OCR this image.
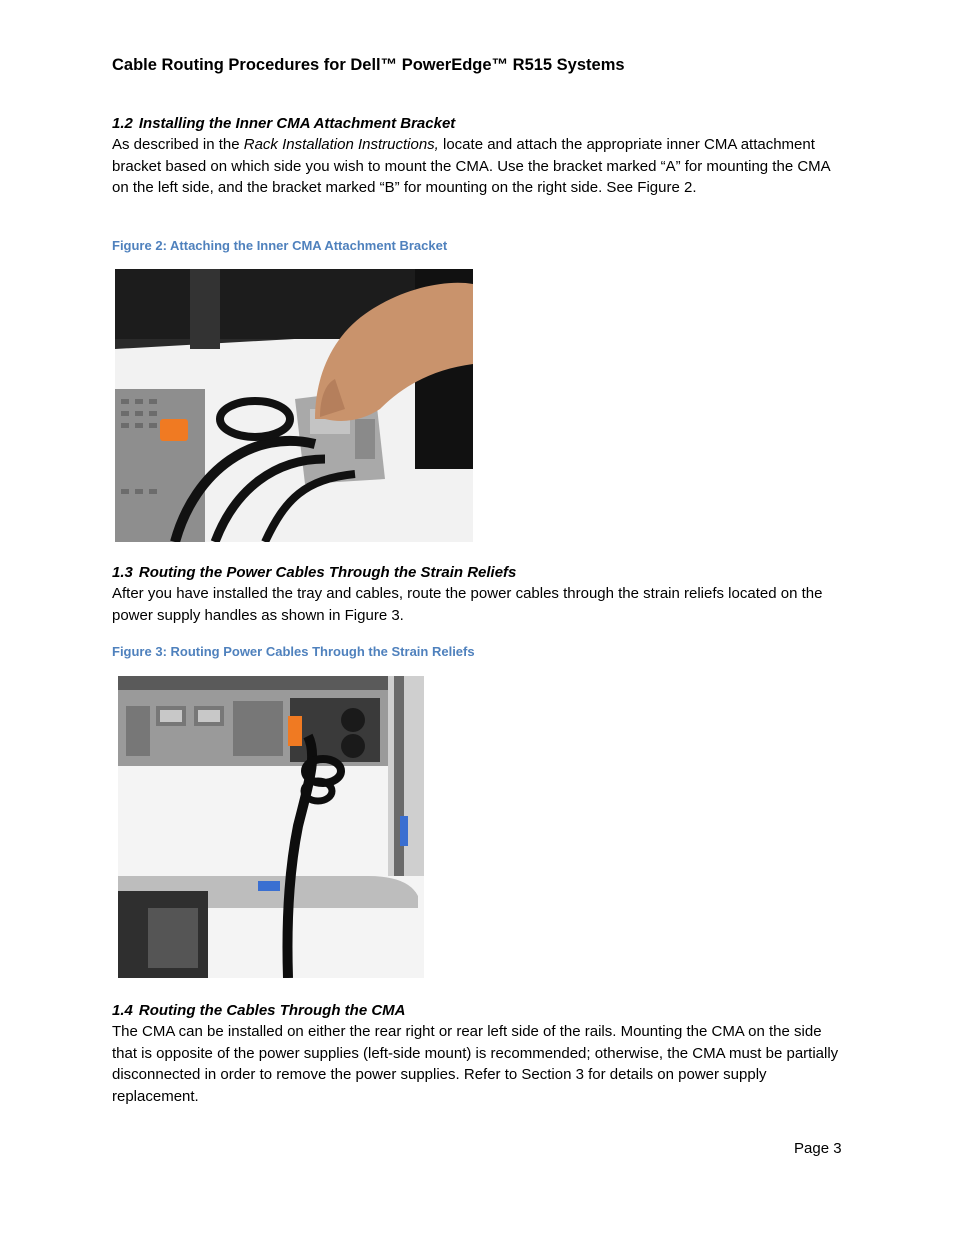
Cable Routing Procedures for Dell™ PowerEdge™ R515 Systems
1.2 Installing the Inner CMA Attachment Bracket

As described in the Rack Installation Instructions, locate and attach the appropriate inner CMA attachment bracket based on which side you wish to mount the CMA. Use the bracket marked “A” for mounting the CMA on the left side, and the bracket marked “B” for mounting on the right side. See Figure 2.

Figure 2: Attaching the Inner CMA Attachment Bracket

1.3 Routing the Power Cables Through the Strain Reliefs

After you have installed the tray and cables, route the power cables through the strain reliefs located on the power supply handles as shown in Figure 3.

Figure 3: Routing Power Cables Through the Strain Reliefs

1.4 Routing the Cables Through the CMA

The CMA can be installed on either the rear right or rear left side of the rails. Mounting the CMA on the side that is opposite of the power supplies (left-side mount) is recommended; otherwise, the CMA must be partially disconnected in order to remove the power supplies. Refer to Section 3 for details on power supply replacement.

Page 3
